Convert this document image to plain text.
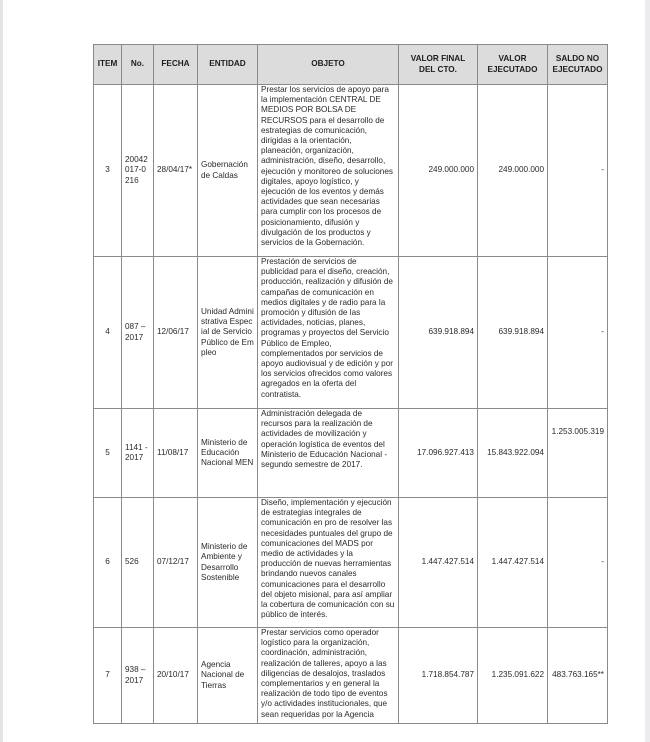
ITEM	No.	FECHA	ENTIDAD	OBJETO	VALOR FINAL DEL CTO.	VALOR EJECUTADO	SALDO NO EJECUTADO
3	20042017-0216	28/04/17*	Gobernación de Caldas	Prestar los servicios de apoyo para la implementación CENTRAL DE MEDIOS POR BOLSA DE RECURSOS para el desarrollo de estrategias de comunicación, dirigidas a la orientación, planeación, organización, administración, diseño, desarrollo, ejecución y monitoreo de soluciones digitales, apoyo logístico, y ejecución de los eventos y demás actividades que sean necesarias para cumplir con los procesos de posicionamiento, difusión y divulgación de los productos y servicios de la Gobernación.	249.000.000	249.000.000	-
4	087 – 2017	12/06/17	Unidad Administrativa Especial de Servicio Público de Empleo	Prestación de servicios de publicidad para el diseño, creación, producción, realización y difusión de campañas de comunicación en medios digitales y de radio para la promoción y difusión de las actividades, noticias, planes, programas y proyectos del Servicio Público de Empleo, complementados por servicios de apoyo audiovisual y de edición y por los servicios ofrecidos como valores agregados en la oferta del contratista.	639.918.894	639.918.894	-
5	1141 - 2017	11/08/17	Ministerio de Educación Nacional MEN	Administración delegada de recursos para la realización de actividades de movilización y operación logística de eventos del Ministerio de Educación Nacional - segundo semestre de 2017.	17.096.927.413	15.843.922.094	1.253.005.319
6	526	07/12/17	Ministerio de Ambiente y Desarrollo Sostenible	Diseño, implementación y ejecución de estrategias integrales de comunicación en pro de resolver las necesidades puntuales del grupo de comunicaciones del MADS por medio de actividades y la producción de nuevas herramientas brindando nuevos canales comunicaciones para el desarrollo del objeto misional, para así ampliar la cobertura de comunicación con su público de interés.	1.447.427.514	1.447.427.514	-
7	938 – 2017	20/10/17	Agencia Nacional de Tierras	Prestar servicios como operador logístico para la organización, coordinación, administración, realización de talleres, apoyo a las diligencias de desalojos, traslados complementarios y en general la realización de todo tipo de eventos y/o actividades institucionales, que sean requeridas por la Agencia	1.718.854.787	1.235.091.622	483.763.165**
